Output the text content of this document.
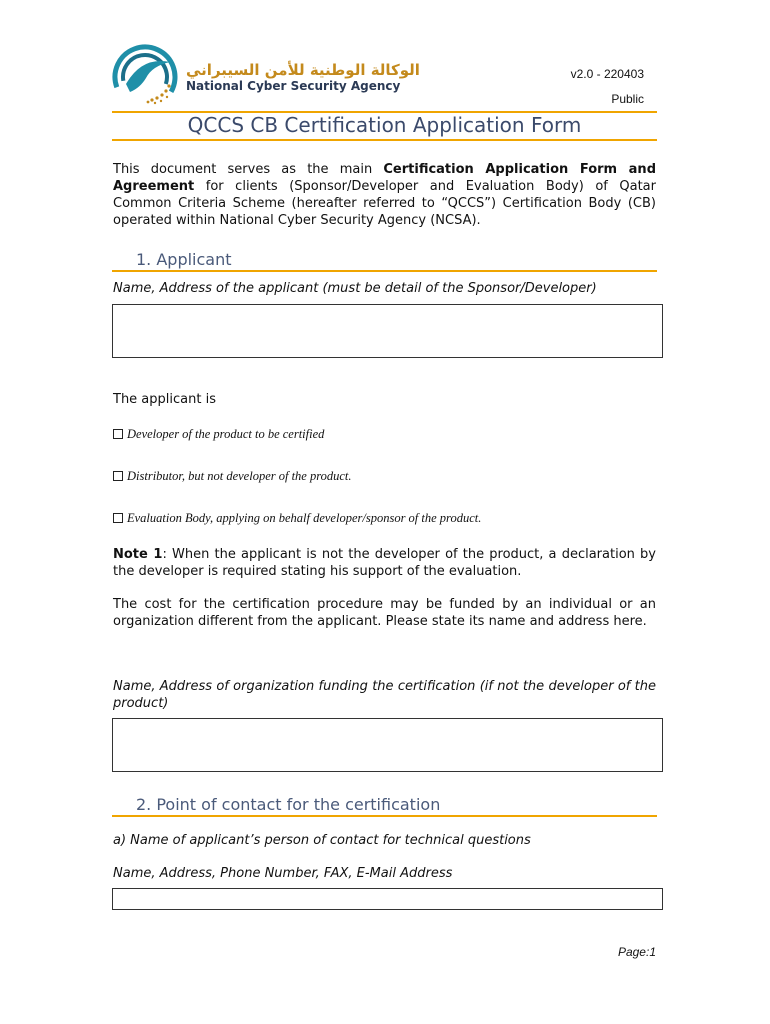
الوكالة الوطنية للأمن السيبراني
National Cyber Security Agency
v2.0 - 220403
Public
QCCS CB Certification Application Form
This document serves as the main Certification Application Form and Agreement for clients (Sponsor/Developer and Evaluation Body) of Qatar Common Criteria Scheme (hereafter referred to “QCCS”) Certification Body (CB) operated within National Cyber Security Agency (NCSA).
1. Applicant
Name, Address of the applicant (must be detail of the Sponsor/Developer)
The applicant is
Developer of the product to be certified
Distributor, but not developer of the product.
Evaluation Body, applying on behalf developer/sponsor of the product.
Note 1: When the applicant is not the developer of the product, a declaration by the developer is required stating his support of the evaluation.
The cost for the certification procedure may be funded by an individual or an organization different from the applicant. Please state its name and address here.
Name, Address of organization funding the certification (if not the developer of the product)
2. Point of contact for the certification
a) Name of applicant’s person of contact for technical questions
Name, Address, Phone Number, FAX, E-Mail Address
Page:1
